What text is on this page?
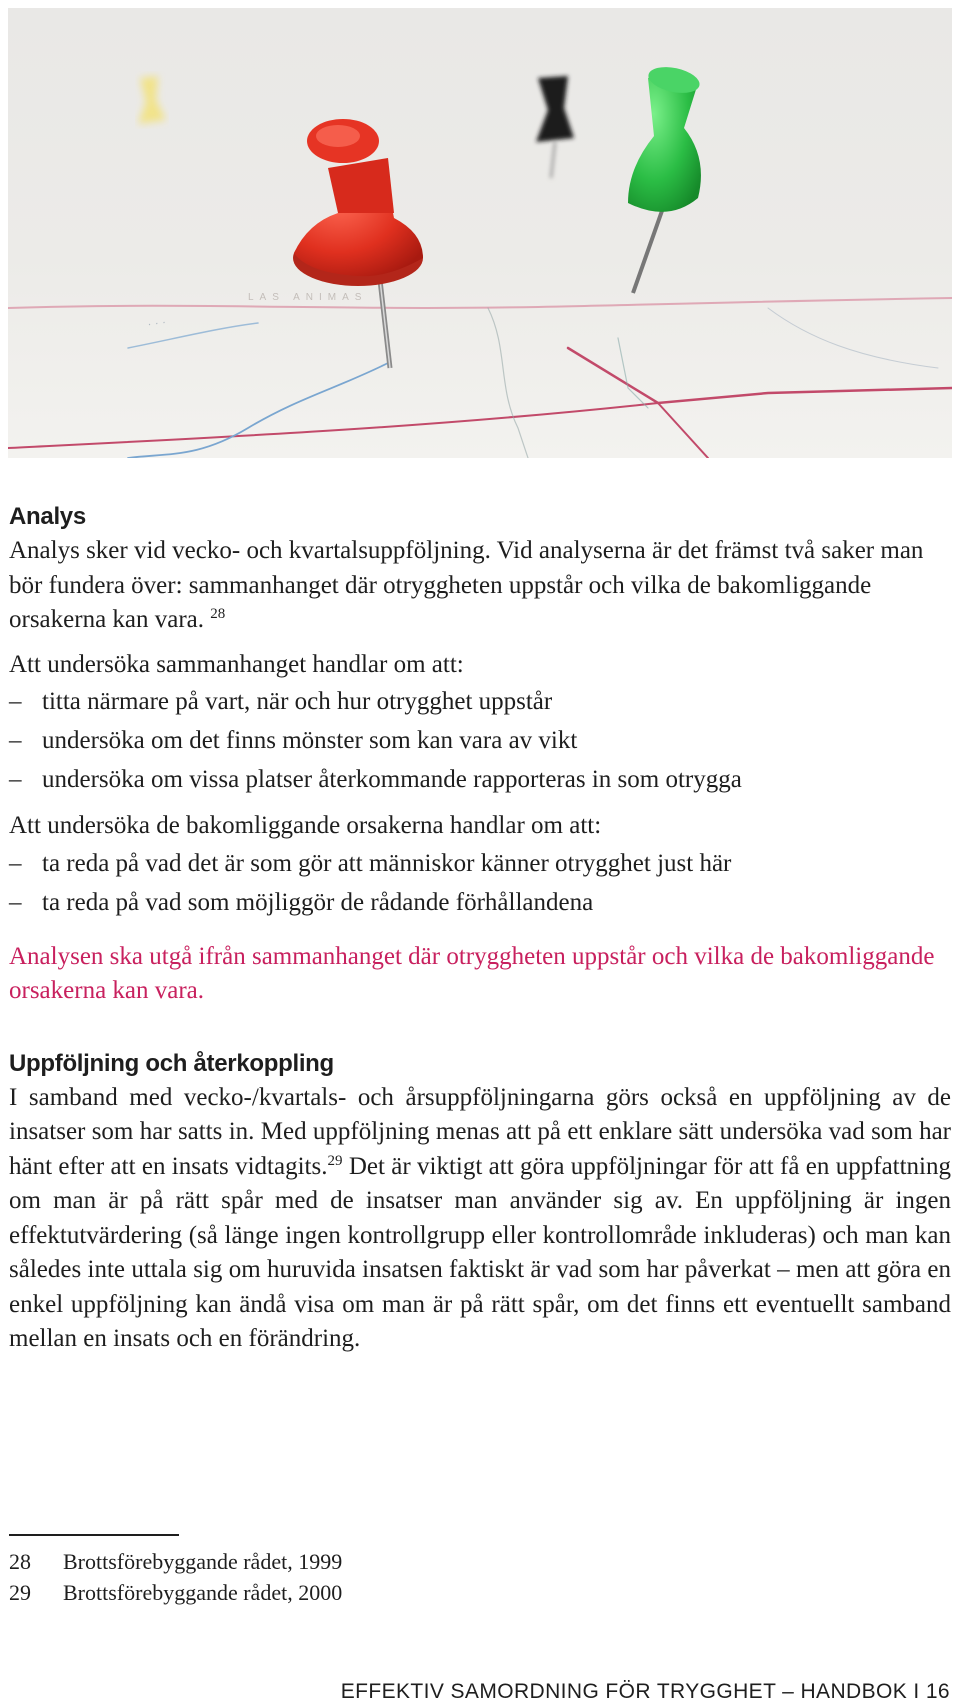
· · ·
LAS ANIMAS
Analys

Analys sker vid vecko- och kvartalsuppföljning. Vid analyserna är det främst två saker man bör fundera över: sammanhanget där otryggheten uppstår och vilka de bakomliggande orsakerna kan vara. $^{28}$

Att undersöka sammanhanget handlar om att:

– titta närmare på vart, när och hur otrygghet uppstår
– undersöka om det finns mönster som kan vara av vikt
– undersöka om vissa platser återkommande rapporteras in som otrygga

Att undersöka de bakomliggande orsakerna handlar om att:

– ta reda på vad det är som gör att människor känner otrygghet just här
– ta reda på vad som möjliggör de rådande förhållandena

Analysen ska utgå ifrån sammanhanget där otryggheten uppstår och vilka de bakomliggande orsakerna kan vara.

Uppföljning och återkoppling

I samband med vecko-/kvartals- och årsuppföljningarna görs också en uppföljning av de insatser som har satts in. Med uppföljning menas att på ett enklare sätt undersöka vad som har hänt efter att en insats vidtagits.$^{29}$ Det är viktigt att göra uppföljningar för att få en uppfattning om man är på rätt spår med de insatser man använder sig av. En uppföljning är ingen effektutvärdering (så länge ingen kontrollgrupp eller kontrollområde inkluderas) och man kan således inte uttala sig om huruvida insatsen faktiskt är vad som har påverkat – men att göra en enkel uppföljning kan ändå visa om man är på rätt spår, om det finns ett eventuellt samband mellan en insats och en förändring.

28	Brottsförebyggande rådet, 1999
29	Brottsförebyggande rådet, 2000
EFFEKTIV SAMORDNING FÖR TRYGGHET – HANDBOK I 16
